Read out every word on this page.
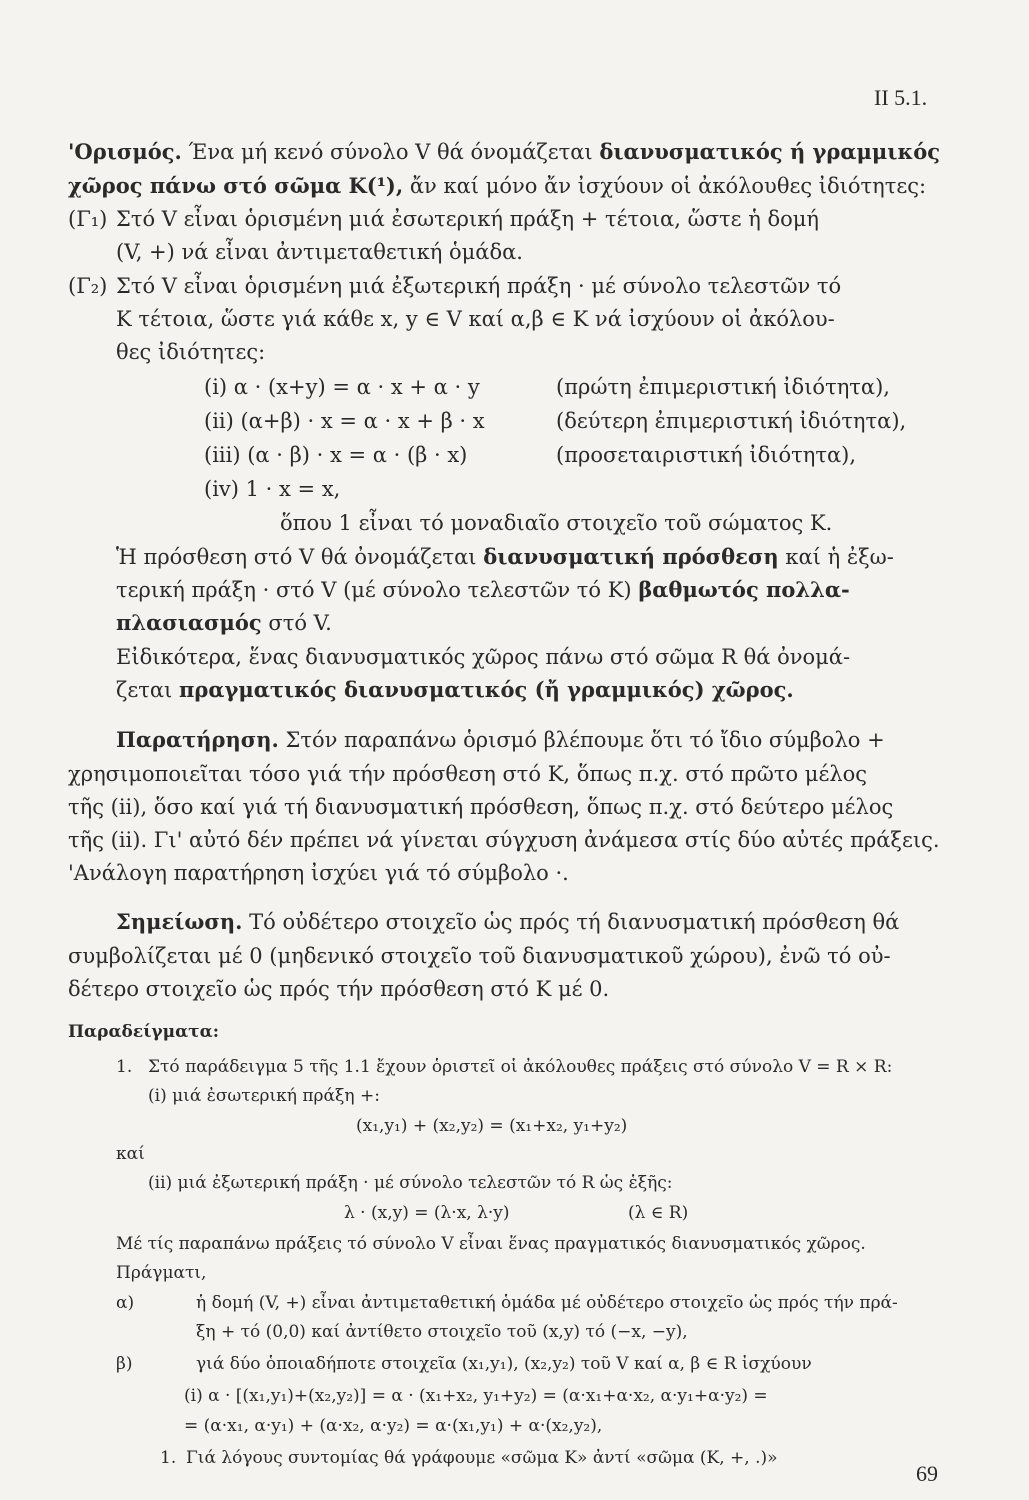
II 5.1.
'Ορισμός. Ένα μή κενό σύνολο V θά όνομάζεται διανυσματικός ή γραμμικός
χῶρος πάνω στό σῶμα K(¹), ἄν καί μόνο ἄν ἰσχύουν οἱ ἀκόλουθες ἰδιότητες:
(Γ₁) Στό V εἶναι ὁρισμένη μιά ἐσωτερική πράξη + τέτοια, ὥστε ἡ δομή
(V, +) νά εἶναι ἀντιμεταθετική ὁμάδα.
(Γ₂) Στό V εἶναι ὁρισμένη μιά ἐξωτερική πράξη · μέ σύνολο τελεστῶν τό
K τέτοια, ὥστε γιά κάθε x, y ∈ V καί α,β ∈ K νά ἰσχύουν οἱ ἀκόλου-
θες ἰδιότητες:
(i) α · (x+y) = α · x + α · y	(πρώτη ἐπιμεριστική ἰδιότητα),
(ii) (α+β) · x = α · x + β · x	(δεύτερη ἐπιμεριστική ἰδιότητα),
(iii) (α · β) · x = α · (β · x)	(προσεταιριστική ἰδιότητα),
(iv) 1 · x = x,
ὅπου 1 εἶναι τό μοναδιαῖο στοιχεῖο τοῦ σώματος K.
Ἡ πρόσθεση στό V θά ὀνομάζεται διανυσματική πρόσθεση καί ἡ ἐξω-
τερική πράξη · στό V (μέ σύνολο τελεστῶν τό K) βαθμωτός πολλα-
πλασιασμός στό V.
Εἰδικότερα, ἕνας διανυσματικός χῶρος πάνω στό σῶμα R θά ὀνομά-
ζεται πραγματικός διανυσματικός (ἤ γραμμικός) χῶρος.
Παρατήρηση. Στόν παραπάνω ὁρισμό βλέπουμε ὅτι τό ἴδιο σύμβολο +
χρησιμοποιεῖται τόσο γιά τήν πρόσθεση στό K, ὅπως π.χ. στό πρῶτο μέλος
τῆς (ii), ὅσο καί γιά τή διανυσματική πρόσθεση, ὅπως π.χ. στό δεύτερο μέλος
τῆς (ii). Γι' αὐτό δέν πρέπει νά γίνεται σύγχυση ἀνάμεσα στίς δύο αὐτές πράξεις.
'Ανάλογη παρατήρηση ἰσχύει γιά τό σύμβολο ·.
Σημείωση. Τό οὐδέτερο στοιχεῖο ὡς πρός τή διανυσματική πρόσθεση θά
συμβολίζεται μέ 0 (μηδενικό στοιχεῖο τοῦ διανυσματικοῦ χώρου), ἐνῶ τό οὐ-
δέτερο στοιχεῖο ὡς πρός τήν πρόσθεση στό K μέ 0.
Παραδείγματα:
1. Στό παράδειγμα 5 τῆς 1.1 ἔχουν ὁριστεῖ οἱ ἀκόλουθες πράξεις στό σύνολο V = R × R:
(i) μιά ἐσωτερική πράξη +:
(x₁,y₁) + (x₂,y₂) = (x₁+x₂, y₁+y₂)
καί
(ii) μιά ἐξωτερική πράξη · μέ σύνολο τελεστῶν τό R ὡς ἑξῆς:
λ · (x,y) = (λ·x, λ·y)	(λ ∈ R)
Μέ τίς παραπάνω πράξεις τό σύνολο V εἶναι ἕνας πραγματικός διανυσματικός χῶρος.
Πράγματι,
α)	ἡ δομή (V, +) εἶναι ἀντιμεταθετική ὁμάδα μέ οὐδέτερο στοιχεῖο ὡς πρός τήν πρά-
ξη + τό (0,0) καί ἀντίθετο στοιχεῖο τοῦ (x,y) τό (−x, −y),
β)	γιά δύο ὁποιαδήποτε στοιχεῖα (x₁,y₁), (x₂,y₂) τοῦ V καί α, β ∈ R ἰσχύουν
(i) α · [(x₁,y₁)+(x₂,y₂)] = α · (x₁+x₂, y₁+y₂) = (α·x₁+α·x₂, α·y₁+α·y₂) =
= (α·x₁, α·y₁) + (α·x₂, α·y₂) = α·(x₁,y₁) + α·(x₂,y₂),
1. Γιά λόγους συντομίας θά γράφουμε «σῶμα K» ἀντί «σῶμα (K, +, .)»
69
